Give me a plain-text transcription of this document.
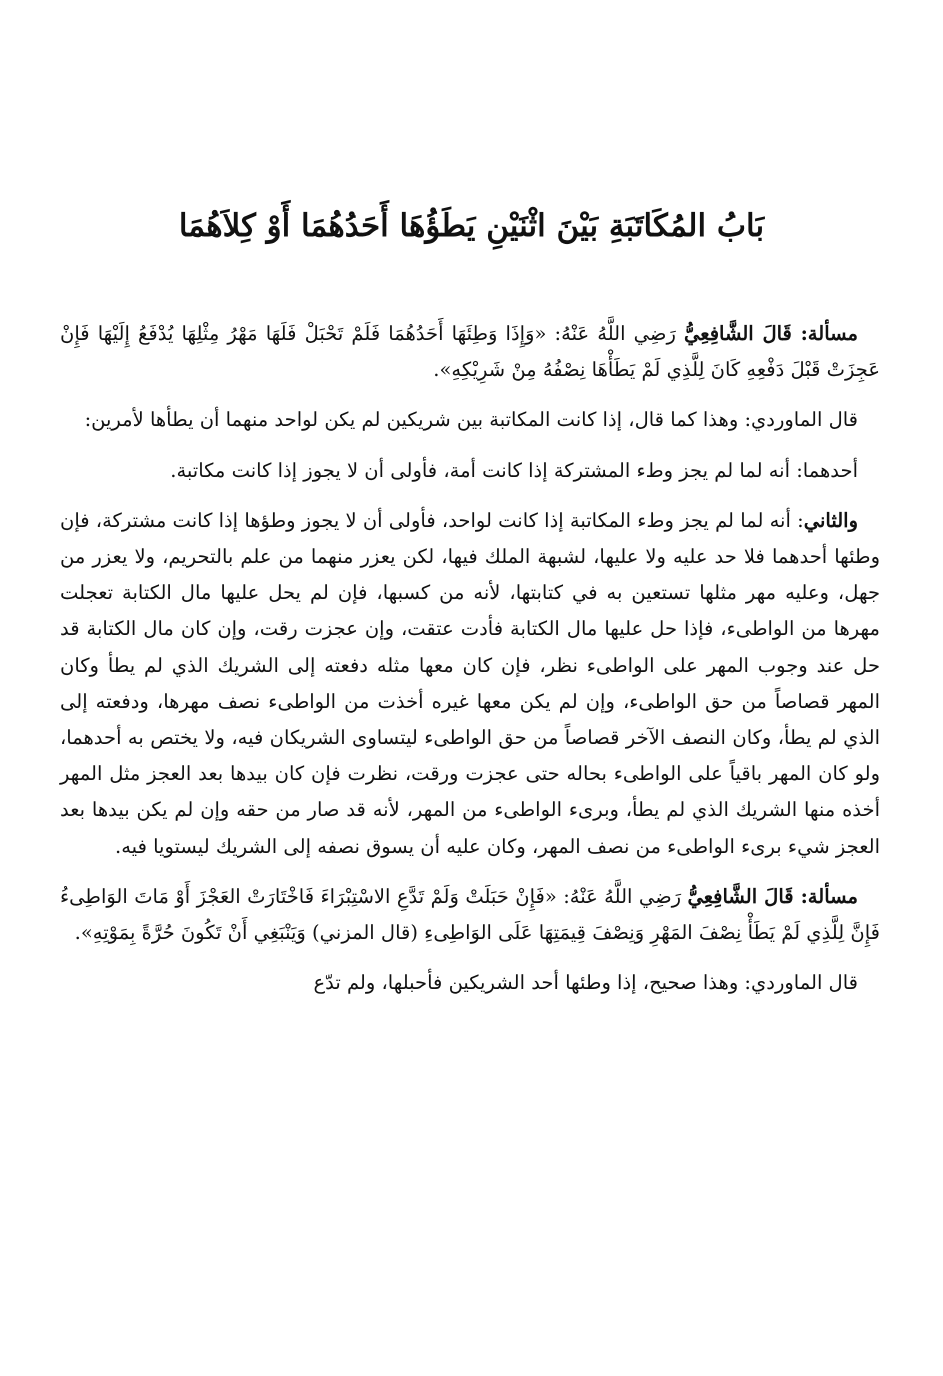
بَابُ المُكَاتَبَةِ بَيْنَ اثْنَيْنِ يَطَؤُهَا أَحَدُهُمَا أَوْ كِلاَهُمَا

مسألة: قَالَ الشَّافِعِيُّ رَضِي اللَّهُ عَنْهُ: «وَإِذَا وَطِئَهَا أَحَدُهُمَا فَلَمْ تَحْبَلْ فَلَهَا مَهْرُ مِثْلِهَا يُدْفَعُ إِلَيْهَا فَإِنْ عَجِزَتْ قَبْلَ دَفْعِهِ كَانَ لِلَّذِي لَمْ يَطَأْهَا نِصْفُهُ مِنْ شَرِيْكِهِ».

قال الماوردي: وهذا كما قال، إذا كانت المكاتبة بين شريكين لم يكن لواحد منهما أن يطأها لأمرين:

أحدهما: أنه لما لم يجز وطء المشتركة إذا كانت أمة، فأولى أن لا يجوز إذا كانت مكاتبة.

والثاني: أنه لما لم يجز وطء المكاتبة إذا كانت لواحد، فأولى أن لا يجوز وطؤها إذا كانت مشتركة، فإن وطئها أحدهما فلا حد عليه ولا عليها، لشبهة الملك فيها، لكن يعزر منهما من علم بالتحريم، ولا يعزر من جهل، وعليه مهر مثلها تستعين به في كتابتها، لأنه من كسبها، فإن لم يحل عليها مال الكتابة تعجلت مهرها من الواطىء، فإذا حل عليها مال الكتابة فأدت عتقت، وإن عجزت رقت، وإن كان مال الكتابة قد حل عند وجوب المهر على الواطىء نظر، فإن كان معها مثله دفعته إلى الشريك الذي لم يطأ وكان المهر قصاصاً من حق الواطىء، وإن لم يكن معها غيره أخذت من الواطىء نصف مهرها، ودفعته إلى الذي لم يطأ، وكان النصف الآخر قصاصاً من حق الواطىء ليتساوى الشريكان فيه، ولا يختص به أحدهما، ولو كان المهر باقياً على الواطىء بحاله حتى عجزت ورقت، نظرت فإن كان بيدها بعد العجز مثل المهر أخذه منها الشريك الذي لم يطأ، وبرىء الواطىء من المهر، لأنه قد صار من حقه وإن لم يكن بيدها بعد العجز شيء برىء الواطىء من نصف المهر، وكان عليه أن يسوق نصفه إلى الشريك ليستويا فيه.

مسألة: قَالَ الشَّافِعِيُّ رَضِي اللَّهُ عَنْهُ: «فَإِنْ حَبَلَتْ وَلَمْ تَدَّعِ الاسْتِبْرَاءَ فَاخْتَارَتْ العَجْزَ أَوْ مَاتَ الوَاطِىءُ فَإِنَّ لِلَّذِي لَمْ يَطَأْ نِصْفَ المَهْرِ وَنِصْفَ قِيمَتِهَا عَلَى الوَاطِىءِ (قال المزني) وَيَنْبَغِي أَنْ تَكُونَ حُرَّةً بِمَوْتِهِ».

قال الماوردي: وهذا صحيح، إذا وطئها أحد الشريكين فأحبلها، ولم تدّع
